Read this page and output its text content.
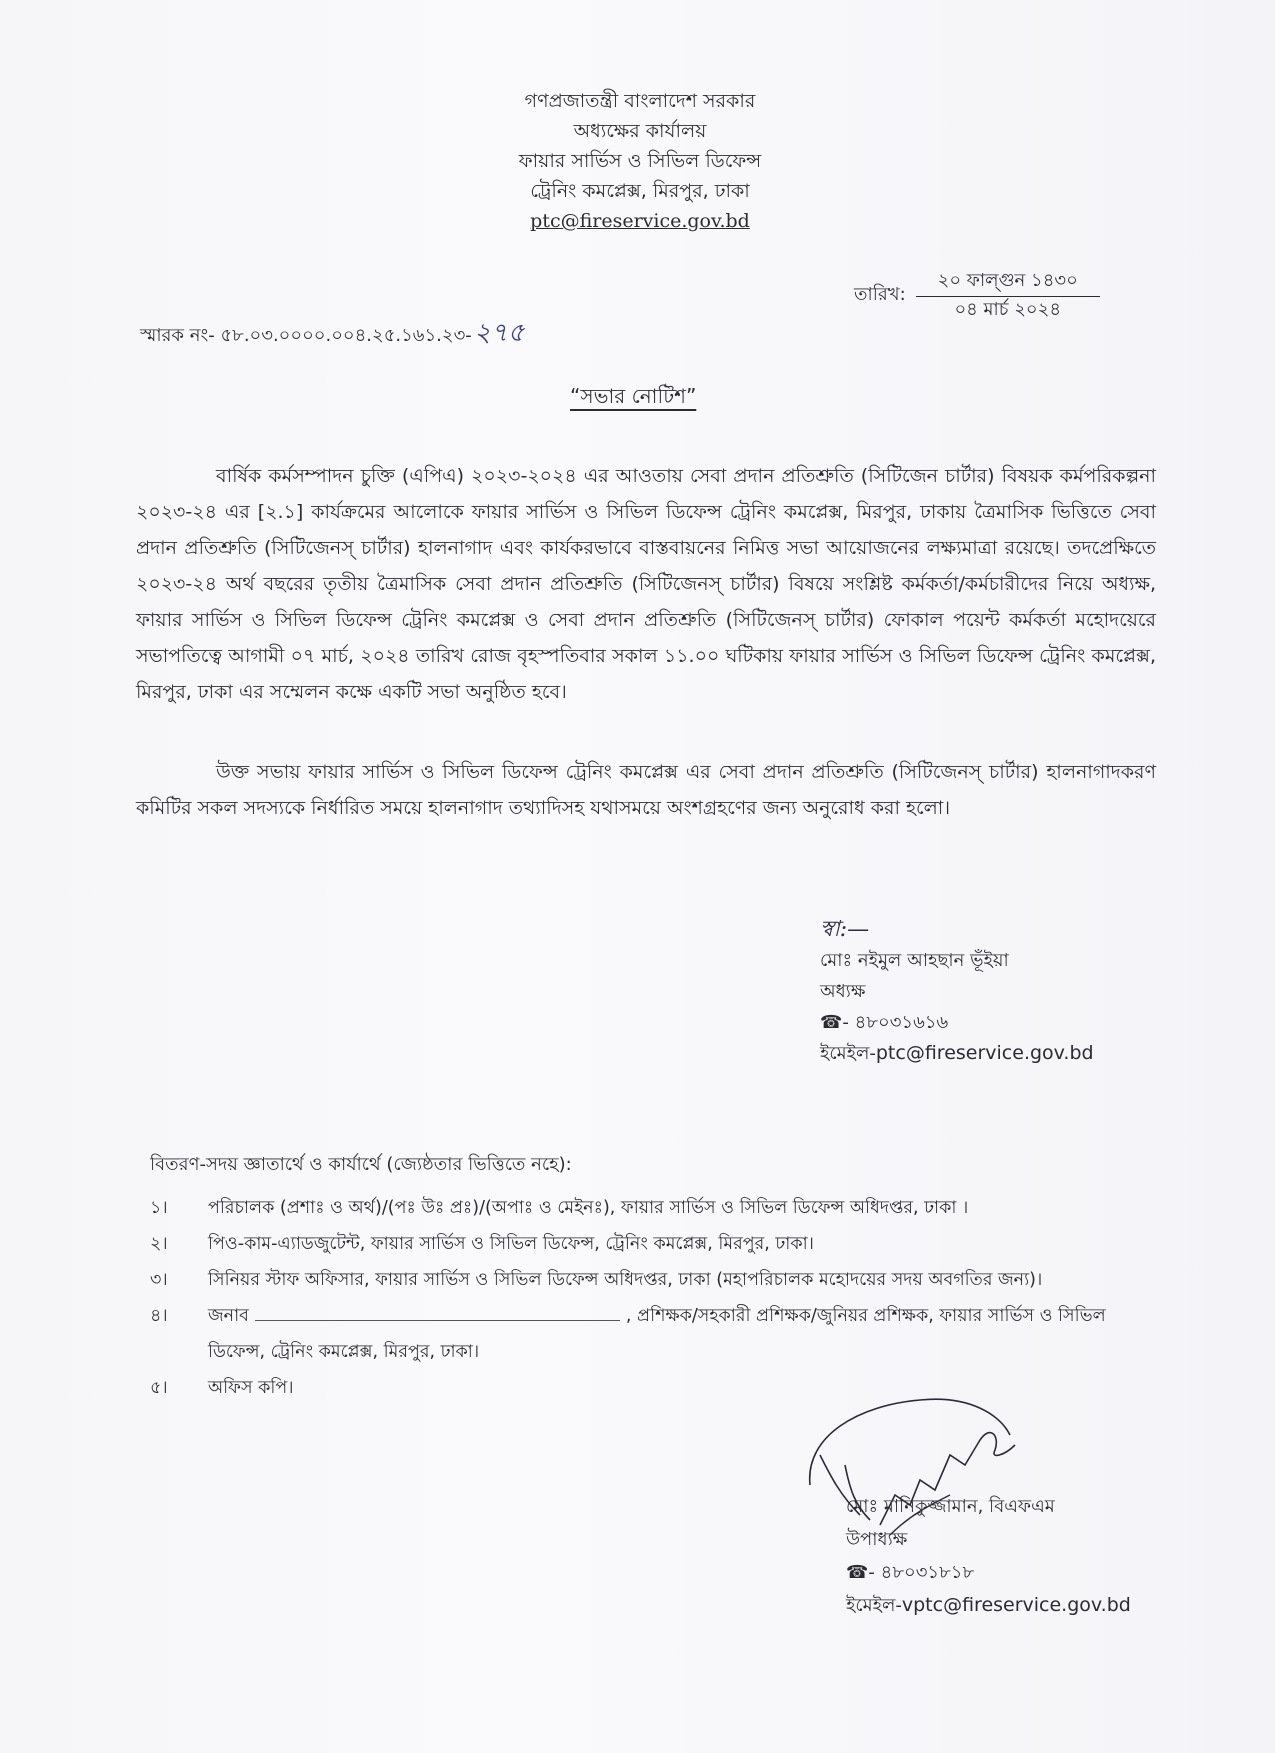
গণপ্রজাতন্ত্রী বাংলাদেশ সরকার
অধ্যক্ষের কার্যালয়
ফায়ার সার্ভিস ও সিভিল ডিফেন্স
ট্রেনিং কমপ্লেক্স, মিরপুর, ঢাকা
ptc@fireservice.gov.bd
স্মারক নং- ৫৮.০৩.০০০০.০০৪.২৫.১৬১.২৩-২৭৫
তারিখ: $\frac{\text{২০ ফাল্গুন ১৪৩০}}{\text{০৪ মার্চ ২০২৪}}$
“সভার নোটিশ”
বার্ষিক কর্মসম্পাদন চুক্তি (এপিএ) ২০২৩-২০২৪ এর আওতায় সেবা প্রদান প্রতিশ্রুতি (সিটিজেন চার্টার) বিষয়ক কর্মপরিকল্পনা ২০২৩-২৪ এর [২.১] কার্যক্রমের আলোকে ফায়ার সার্ভিস ও সিভিল ডিফেন্স ট্রেনিং কমপ্লেক্স, মিরপুর, ঢাকায় ত্রৈমাসিক ভিত্তিতে সেবা প্রদান প্রতিশ্রুতি (সিটিজেনস্ চার্টার) হালনাগাদ এবং কার্যকরভাবে বাস্তবায়নের নিমিত্ত সভা আয়োজনের লক্ষ্যমাত্রা রয়েছে। তদপ্রেক্ষিতে ২০২৩-২৪ অর্থ বছরের তৃতীয় ত্রৈমাসিক সেবা প্রদান প্রতিশ্রুতি (সিটিজেনস্ চার্টার) বিষয়ে সংশ্লিষ্ট কর্মকর্তা/কর্মচারীদের নিয়ে অধ্যক্ষ, ফায়ার সার্ভিস ও সিভিল ডিফেন্স ট্রেনিং কমপ্লেক্স ও সেবা প্রদান প্রতিশ্রুতি (সিটিজেনস্ চার্টার) ফোকাল পয়েন্ট কর্মকর্তা মহোদয়েরে সভাপতিত্বে আগামী ০৭ মার্চ, ২০২৪ তারিখ রোজ বৃহস্পতিবার সকাল ১১.০০ ঘটিকায় ফায়ার সার্ভিস ও সিভিল ডিফেন্স ট্রেনিং কমপ্লেক্স, মিরপুর, ঢাকা এর সম্মেলন কক্ষে একটি সভা অনুষ্ঠিত হবে।
উক্ত সভায় ফায়ার সার্ভিস ও সিভিল ডিফেন্স ট্রেনিং কমপ্লেক্স এর সেবা প্রদান প্রতিশ্রুতি (সিটিজেনস্ চার্টার) হালনাগাদকরণ কমিটির সকল সদস্যকে নির্ধারিত সময়ে হালনাগাদ তথ্যাদিসহ যথাসময়ে অংশগ্রহণের জন্য অনুরোধ করা হলো।
স্বা:—
মোঃ নইমুল আহছান ভূঁইয়া
অধ্যক্ষ
☎- ৪৮০৩১৬১৬
ইমেইল-ptc@fireservice.gov.bd
বিতরণ-সদয় জ্ঞাতার্থে ও কার্যার্থে (জ্যেষ্ঠতার ভিত্তিতে নহে):
১।	পরিচালক (প্রশাঃ ও অর্থ)/(পঃ উঃ প্রঃ)/(অপাঃ ও মেইনঃ), ফায়ার সার্ভিস ও সিভিল ডিফেন্স অধিদপ্তর, ঢাকা ।
২।	পিও-কাম-এ্যাডজুটেন্ট, ফায়ার সার্ভিস ও সিভিল ডিফেন্স, ট্রেনিং কমপ্লেক্স, মিরপুর, ঢাকা।
৩।	সিনিয়র স্টাফ অফিসার, ফায়ার সার্ভিস ও সিভিল ডিফেন্স অধিদপ্তর, ঢাকা (মহাপরিচালক মহোদয়ের সদয় অবগতির জন্য)।
৪।	জনাব	, প্রশিক্ষক/সহকারী প্রশিক্ষক/জুনিয়র প্রশিক্ষক, ফায়ার সার্ভিস ও সিভিল ডিফেন্স, ট্রেনিং কমপ্লেক্স, মিরপুর, ঢাকা।
৫।	অফিস কপি।
মোঃ মানিকুজ্জামান, বিএফএম
উপাধ্যক্ষ
☎- ৪৮০৩১৮১৮
ইমেইল-vptc@fireservice.gov.bd
